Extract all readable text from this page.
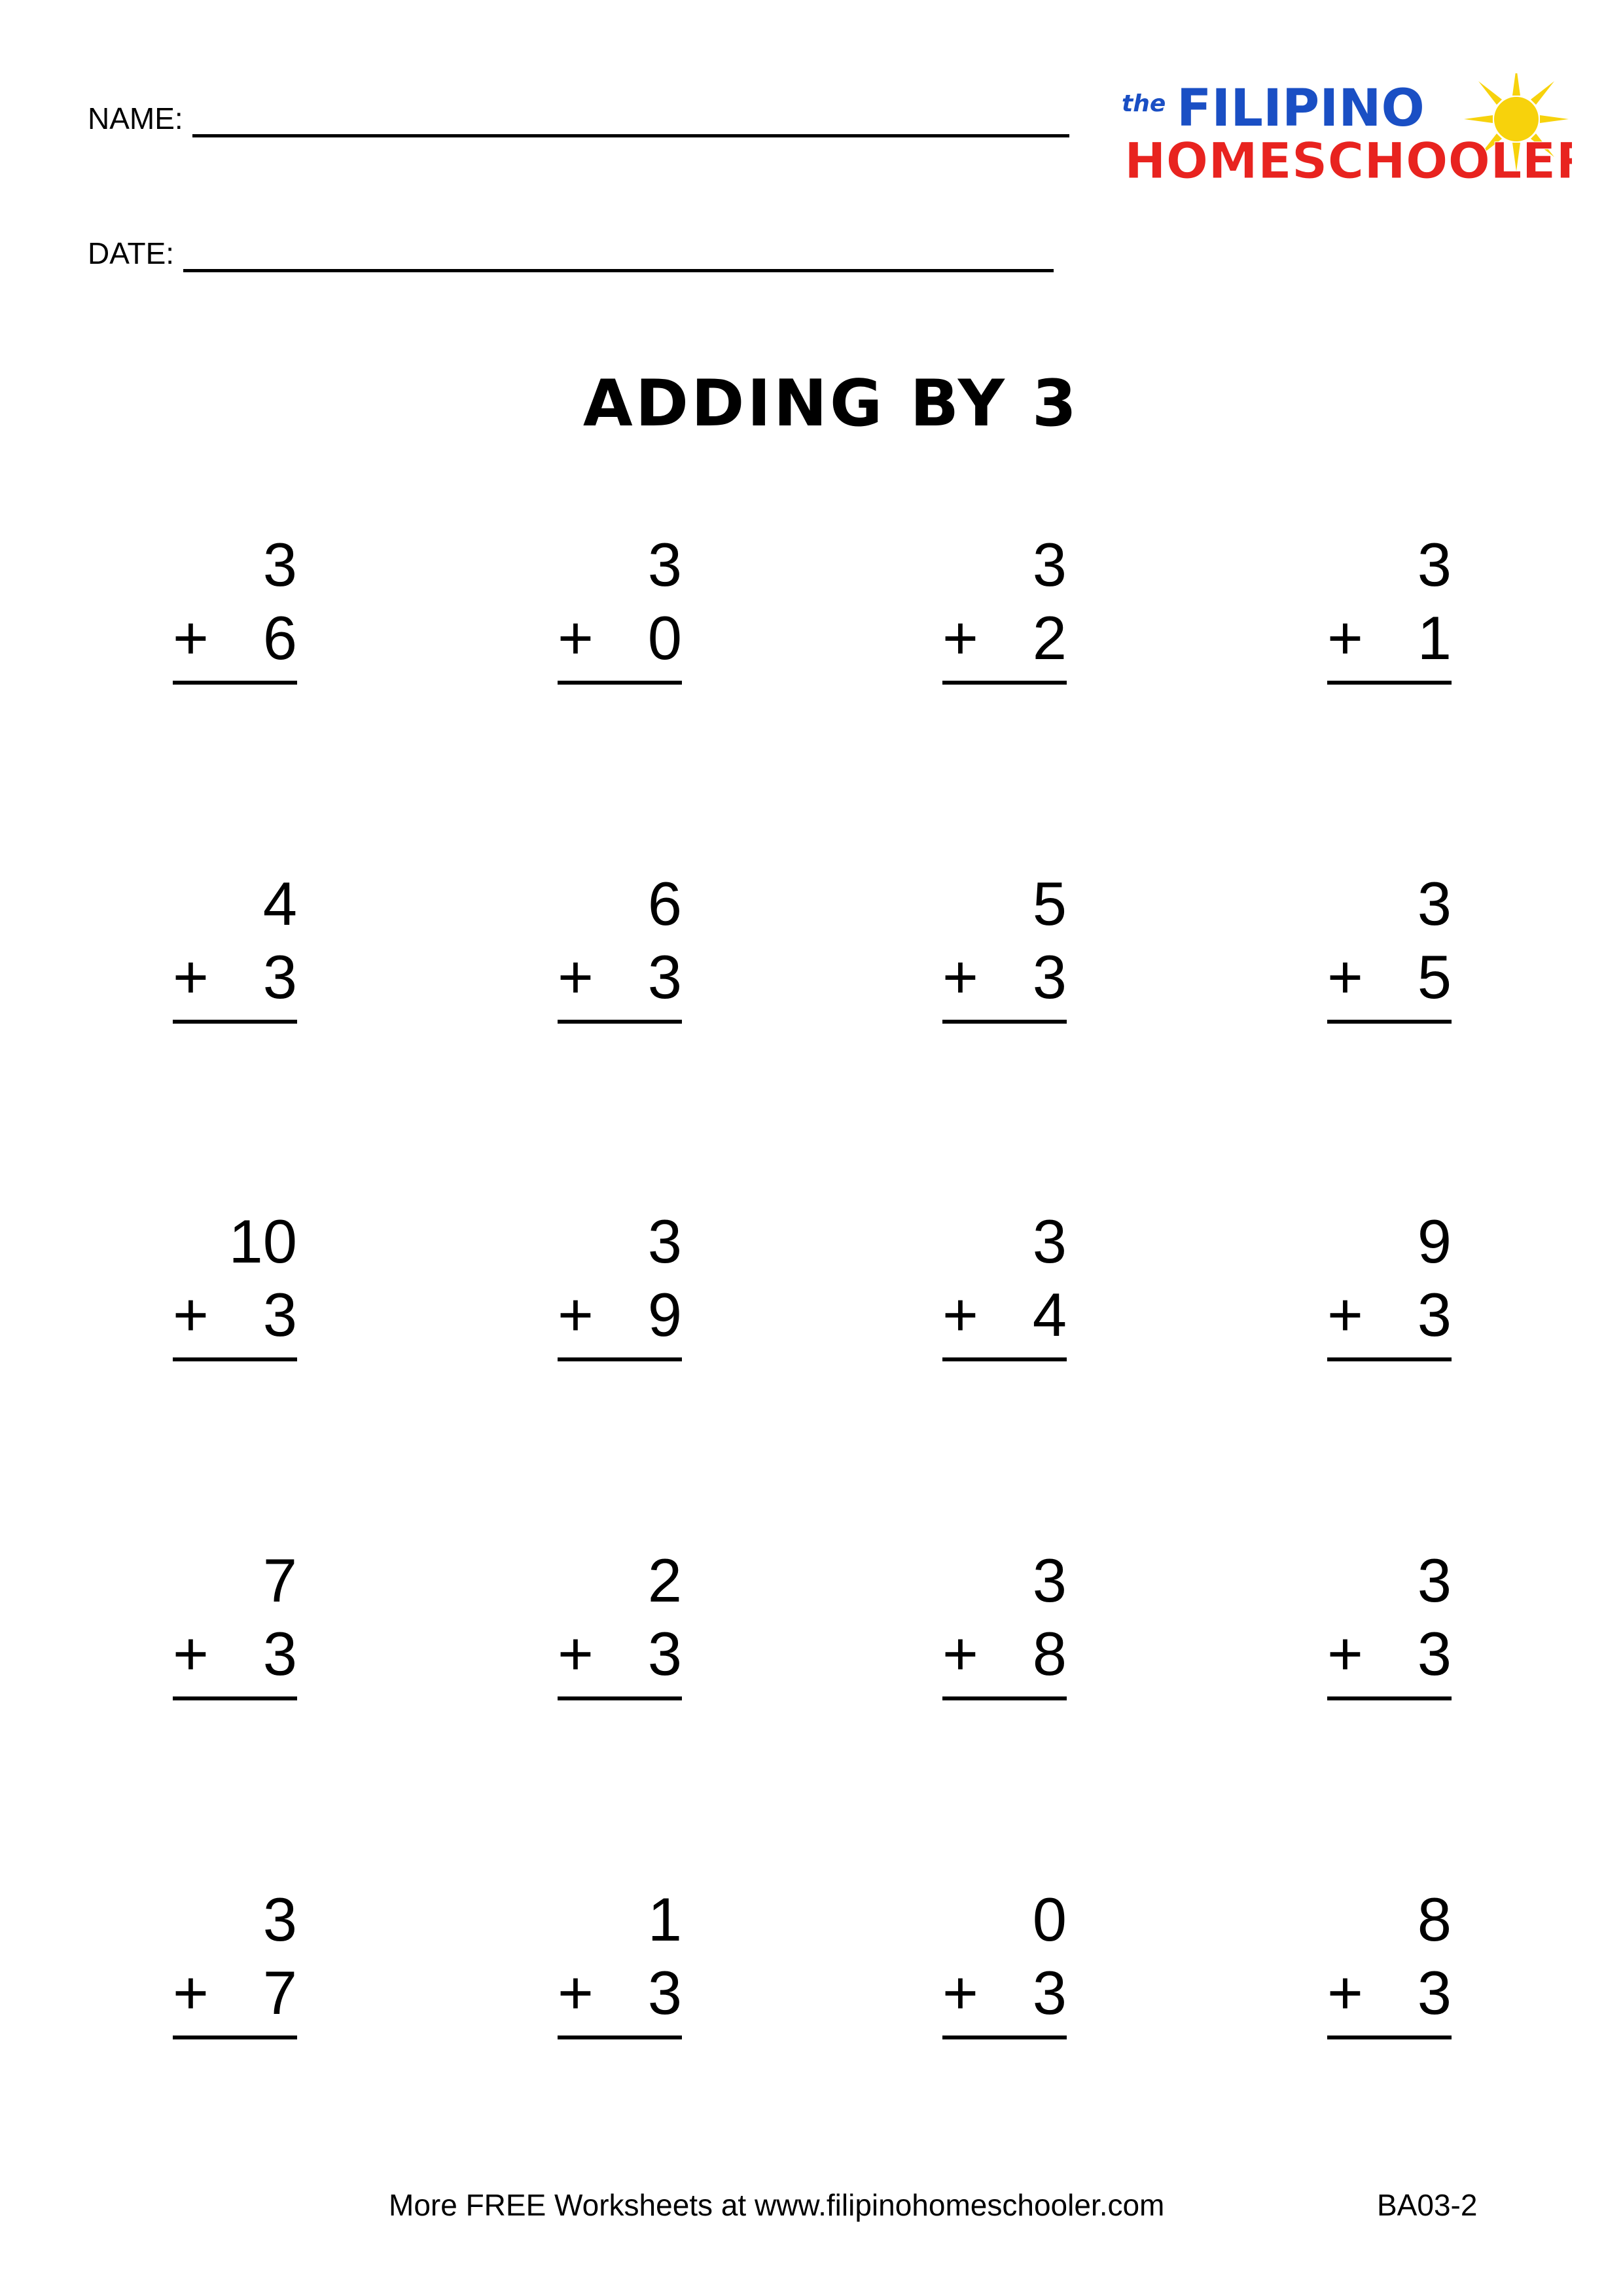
NAME:
DATE:
the FILIPINO
HOMESCHOOLER
ADDING BY 3
3
+ 6
3
+ 0
3
+ 2
3
+ 1
4
+ 3
6
+ 3
5
+ 3
3
+ 5
10
+ 3
3
+ 9
3
+ 4
9
+ 3
7
+ 3
2
+ 3
3
+ 8
3
+ 3
3
+ 7
1
+ 3
0
+ 3
8
+ 3
More FREE Worksheets at www.filipinohomeschooler.com	BA03-2
